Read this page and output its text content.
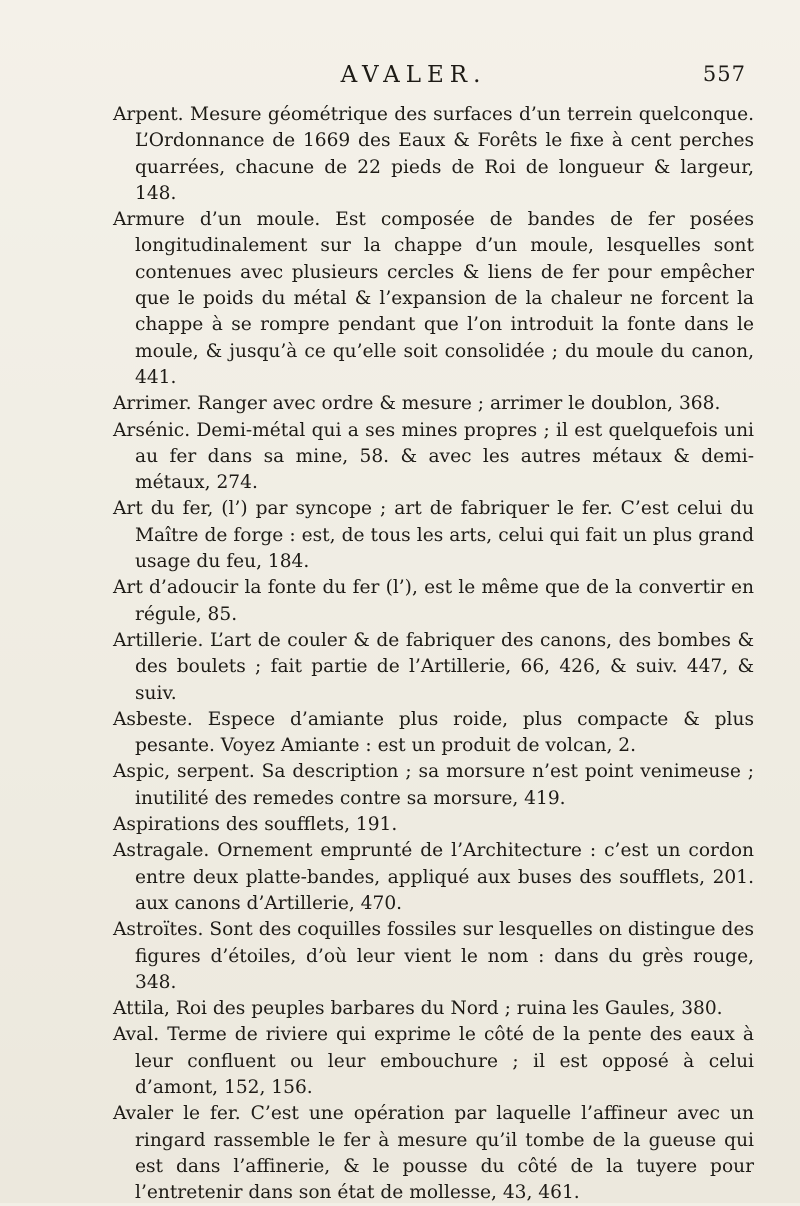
AVALER.	557

Arpent. Mesure géométrique des surfaces d’un terrein quelconque. L’Ordonnance de 1669 des Eaux & Forêts le fixe à cent perches quarrées, chacune de 22 pieds de Roi de longueur & largeur, 148.

Armure d’un moule. Est composée de bandes de fer posées longitudinalement sur la chappe d’un moule, lesquelles sont contenues avec plusieurs cercles & liens de fer pour empêcher que le poids du métal & l’expansion de la chaleur ne forcent la chappe à se rompre pendant que l’on introduit la fonte dans le moule, & jusqu’à ce qu’elle soit consolidée ; du moule du canon, 441.

Arrimer. Ranger avec ordre & mesure ; arrimer le doublon, 368.

Arsénic. Demi-métal qui a ses mines propres ; il est quelquefois uni au fer dans sa mine, 58. & avec les autres métaux & demi-métaux, 274.

Art du fer, (l’) par syncope ; art de fabriquer le fer. C’est celui du Maître de forge : est, de tous les arts, celui qui fait un plus grand usage du feu, 184.

Art d’adoucir la fonte du fer (l’), est le même que de la convertir en régule, 85.

Artillerie. L’art de couler & de fabriquer des canons, des bombes & des boulets ; fait partie de l’Artillerie, 66, 426, & suiv. 447, & suiv.

Asbeste. Espece d’amiante plus roide, plus compacte & plus pesante. Voyez Amiante : est un produit de volcan, 2.

Aspic, serpent. Sa description ; sa morsure n’est point venimeuse ; inutilité des remedes contre sa morsure, 419.

Aspirations des soufflets, 191.

Astragale. Ornement emprunté de l’Architecture : c’est un cordon entre deux platte-bandes, appliqué aux buses des soufflets, 201. aux canons d’Artillerie, 470.

Astroïtes. Sont des coquilles fossiles sur lesquelles on distingue des figures d’étoiles, d’où leur vient le nom : dans du grès rouge, 348.

Attila, Roi des peuples barbares du Nord ; ruina les Gaules, 380.

Aval. Terme de riviere qui exprime le côté de la pente des eaux à leur confluent ou leur embouchure ; il est opposé à celui d’amont, 152, 156.

Avaler le fer. C’est une opération par laquelle l’affineur avec un ringard rassemble le fer à mesure qu’il tombe de la gueuse qui est dans l’affinerie, & le pousse du côté de la tuyere pour l’entretenir dans son état de mollesse, 43, 461.
